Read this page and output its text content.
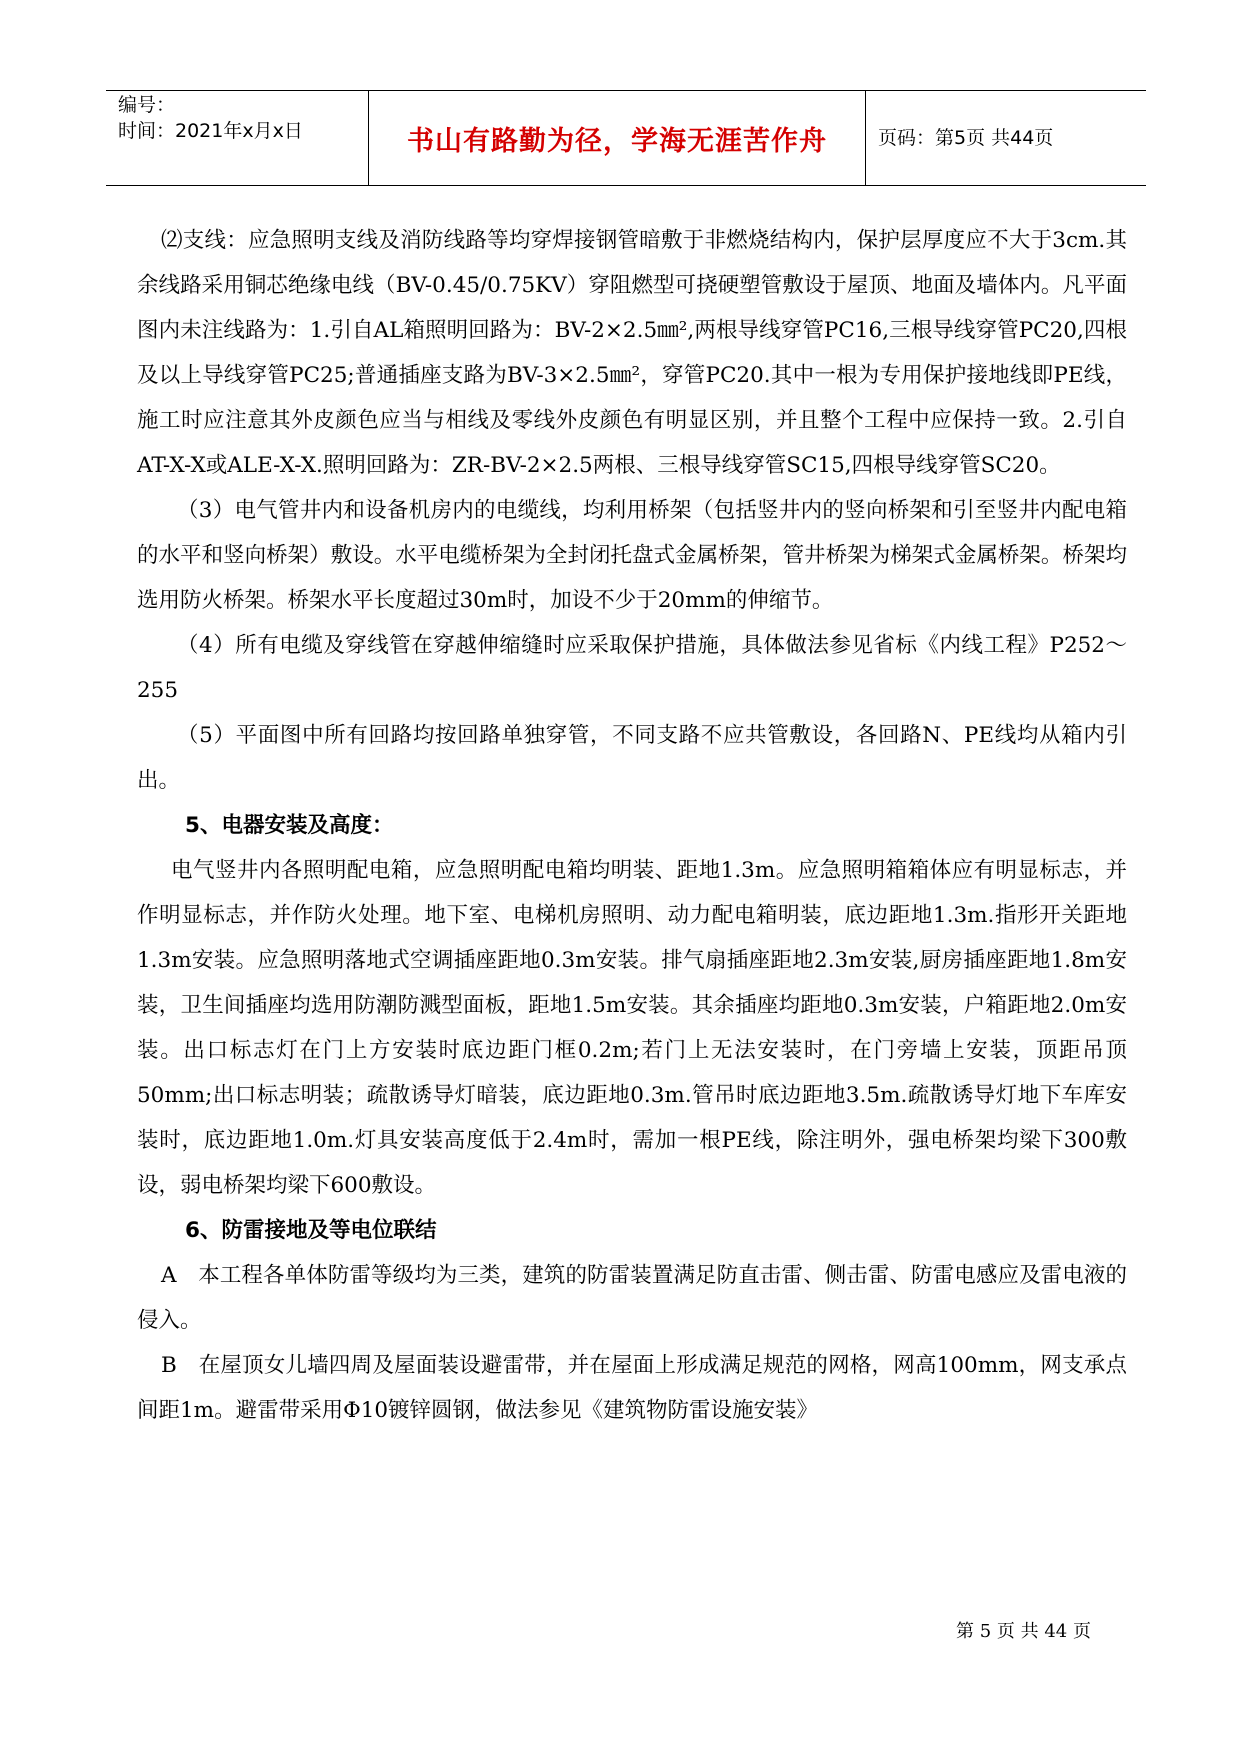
编号：
时间：2021年x月x日	书山有路勤为径，学海无涯苦作舟	页码：第5页 共44页

⑵支线：应急照明支线及消防线路等均穿焊接钢管暗敷于非燃烧结构内，保护层厚度应不大于3cm.其余线路采用铜芯绝缘电线（BV-0.45/0.75KV）穿阻燃型可挠硬塑管敷设于屋顶、地面及墙体内。凡平面图内未注线路为：1.引自AL箱照明回路为：BV-2×2.5㎜²,两根导线穿管PC16,三根导线穿管PC20,四根及以上导线穿管PC25;普通插座支路为BV-3×2.5㎜²，穿管PC20.其中一根为专用保护接地线即PE线，施工时应注意其外皮颜色应当与相线及零线外皮颜色有明显区别，并且整个工程中应保持一致。2.引自AT-X-X或ALE-X-X.照明回路为：ZR-BV-2×2.5两根、三根导线穿管SC15,四根导线穿管SC20。

（3）电气管井内和设备机房内的电缆线，均利用桥架（包括竖井内的竖向桥架和引至竖井内配电箱的水平和竖向桥架）敷设。水平电缆桥架为全封闭托盘式金属桥架，管井桥架为梯架式金属桥架。桥架均选用防火桥架。桥架水平长度超过30m时，加设不少于20mm的伸缩节。

（4）所有电缆及穿线管在穿越伸缩缝时应采取保护措施，具体做法参见省标《内线工程》P252～255

（5）平面图中所有回路均按回路单独穿管，不同支路不应共管敷设，各回路N、PE线均从箱内引出。

5、电器安装及高度：

电气竖井内各照明配电箱，应急照明配电箱均明装、距地1.3m。应急照明箱箱体应有明显标志，并作明显标志，并作防火处理。地下室、电梯机房照明、动力配电箱明装，底边距地1.3m.指形开关距地1.3m安装。应急照明落地式空调插座距地0.3m安装。排气扇插座距地2.3m安装,厨房插座距地1.8m安装，卫生间插座均选用防潮防溅型面板，距地1.5m安装。其余插座均距地0.3m安装，户箱距地2.0m安装。出口标志灯在门上方安装时底边距门框0.2m;若门上无法安装时，在门旁墙上安装，顶距吊顶50mm;出口标志明装；疏散诱导灯暗装，底边距地0.3m.管吊时底边距地3.5m.疏散诱导灯地下车库安装时，底边距地1.0m.灯具安装高度低于2.4m时，需加一根PE线，除注明外，强电桥架均梁下300敷设，弱电桥架均梁下600敷设。

6、防雷接地及等电位联结

A　本工程各单体防雷等级均为三类，建筑的防雷装置满足防直击雷、侧击雷、防雷电感应及雷电液的侵入。

B　在屋顶女儿墙四周及屋面装设避雷带，并在屋面上形成满足规范的网格，网高100mm，网支承点间距1m。避雷带采用Φ10镀锌圆钢，做法参见《建筑物防雷设施安装》

第 5 页 共 44 页
